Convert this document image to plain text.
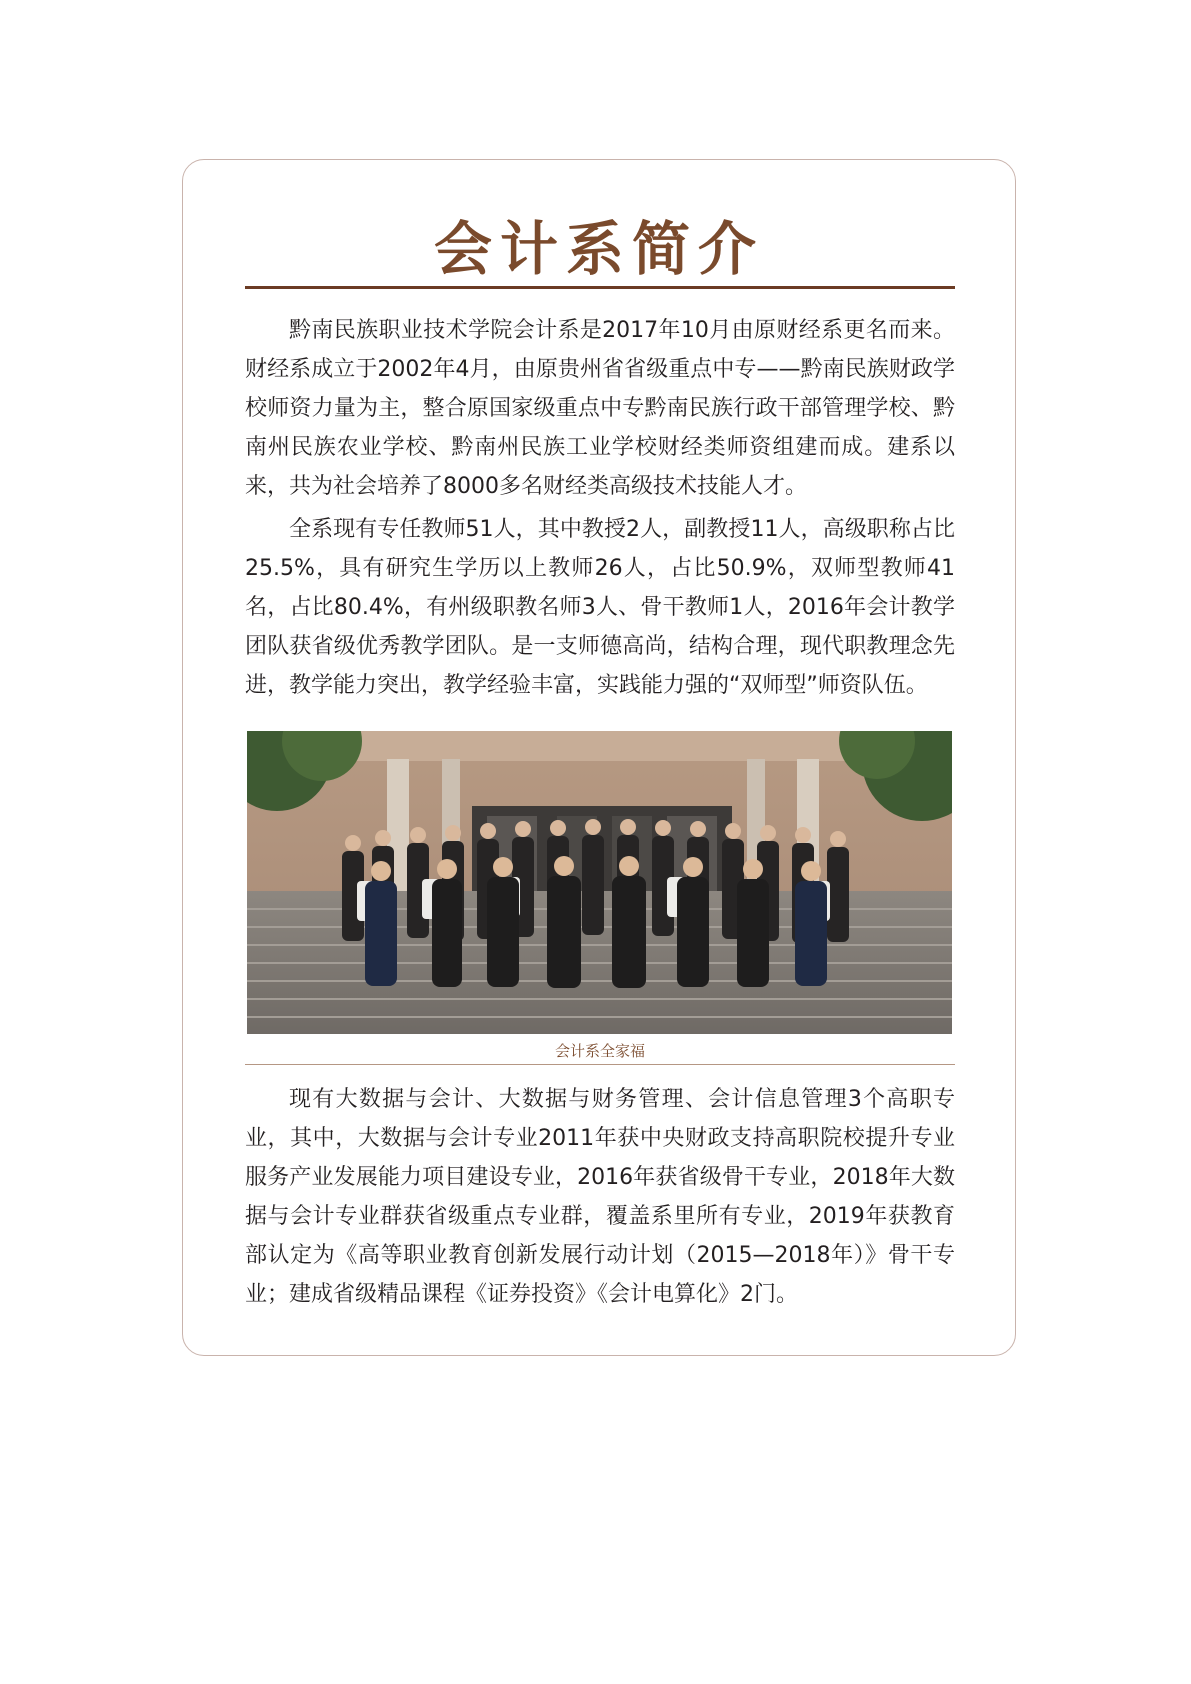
会计系简介

黔南民族职业技术学院会计系是2017年10月由原财经系更名而来。财经系成立于2002年4月，由原贵州省省级重点中专——黔南民族财政学校师资力量为主，整合原国家级重点中专黔南民族行政干部管理学校、黔南州民族农业学校、黔南州民族工业学校财经类师资组建而成。建系以来，共为社会培养了8000多名财经类高级技术技能人才。

全系现有专任教师51人，其中教授2人，副教授11人，高级职称占比25.5%，具有研究生学历以上教师26人，占比50.9%，双师型教师41名，占比80.4%，有州级职教名师3人、骨干教师1人，2016年会计教学团队获省级优秀教学团队。是一支师德高尚，结构合理，现代职教理念先进，教学能力突出，教学经验丰富，实践能力强的“双师型”师资队伍。

会计系全家福

现有大数据与会计、大数据与财务管理、会计信息管理3个高职专业，其中，大数据与会计专业2011年获中央财政支持高职院校提升专业服务产业发展能力项目建设专业，2016年获省级骨干专业，2018年大数据与会计专业群获省级重点专业群，覆盖系里所有专业，2019年获教育部认定为《高等职业教育创新发展行动计划（2015—2018年）》骨干专业；建成省级精品课程《证券投资》《会计电算化》2门。
